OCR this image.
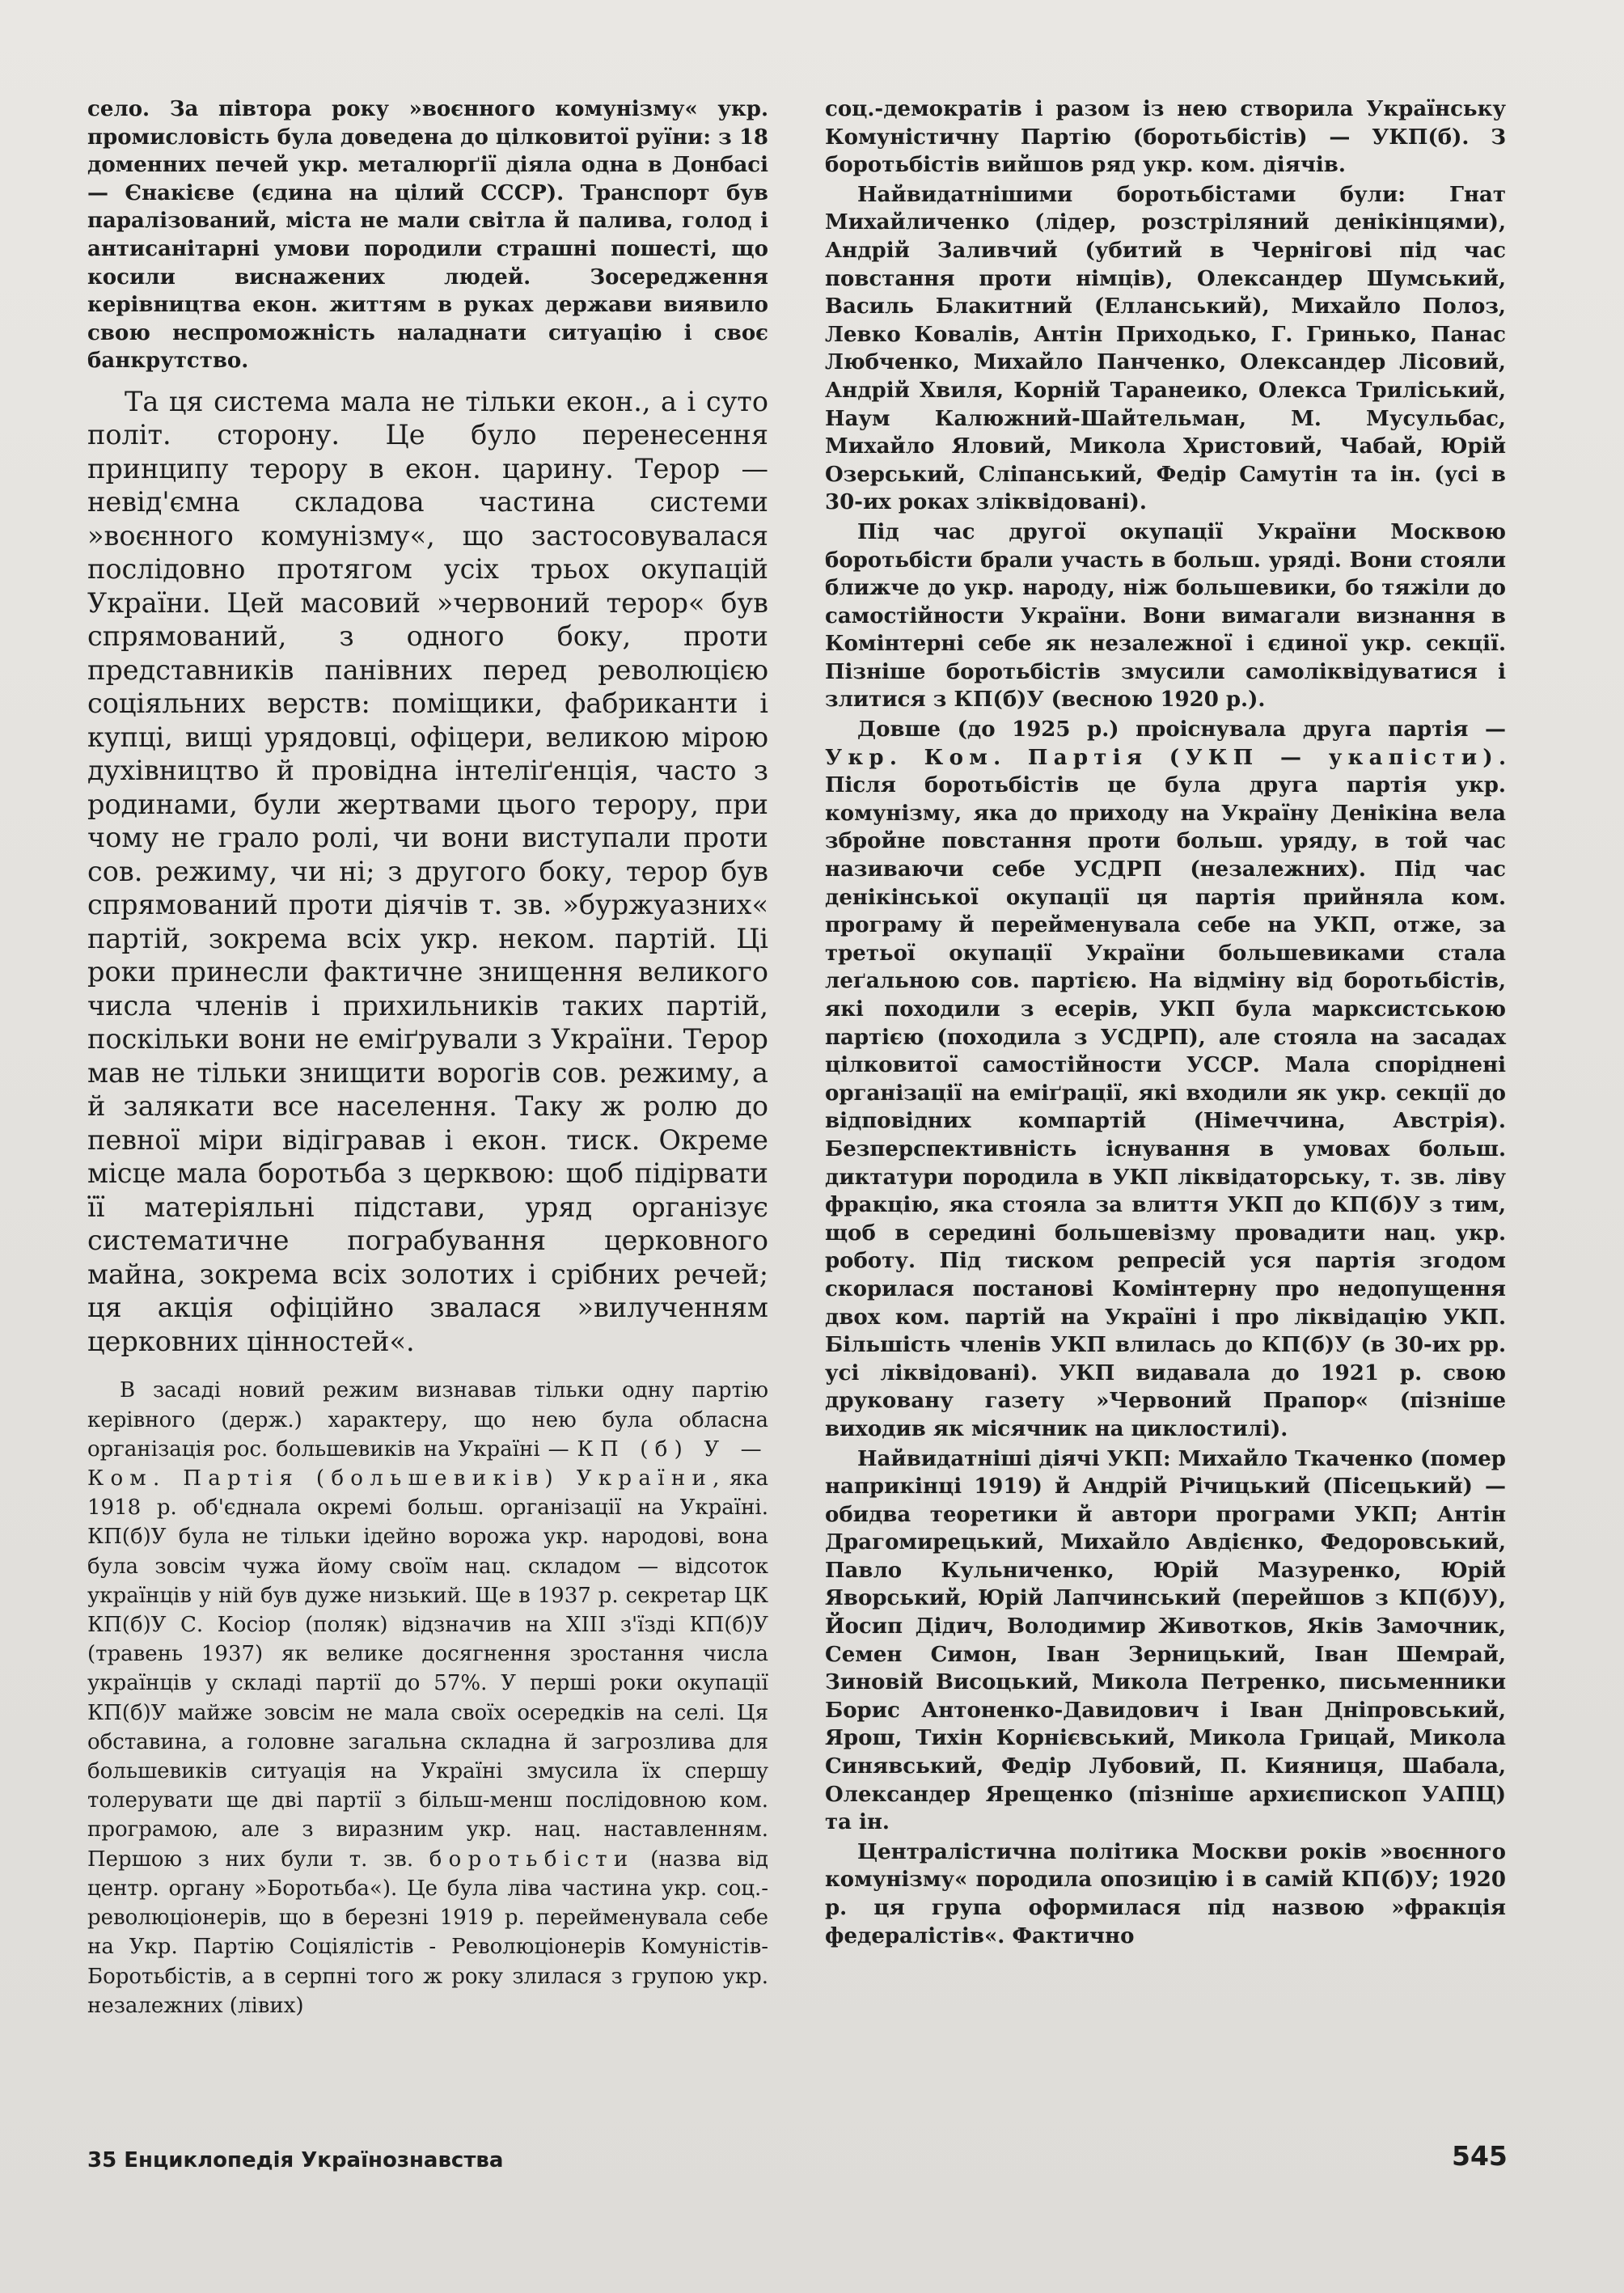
село. За півтора року »воєнного комунізму« укр. промисловість була доведена до цілковитої руїни: з 18 доменних печей укр. металюрґії діяла одна в Донбасі — Єнакієве (єдина на цілий СССР). Транспорт був паралізований, міста не мали світла й палива, голод і антисанітарні умови породили страшні пошесті, що косили виснажених людей. Зосередження керівництва екон. життям в руках держави виявило свою неспроможність наладнати ситуацію і своє банкрутство.

Та ця система мала не тільки екон., а і суто політ. сторону. Це було перенесення принципу терору в екон. царину. Терор — невід'ємна складова частина системи »воєнного комунізму«, що застосовувалася послідовно протягом усіх трьох окупацій України. Цей масовий »червоний терор« був спрямований, з одного боку, проти представників панівних перед революцією соціяльних верств: поміщики, фабриканти і купці, вищі урядовці, офіцери, великою мірою духівництво й провідна інтеліґенція, часто з родинами, були жертвами цього терору, при чому не грало ролі, чи вони виступали проти сов. режиму, чи ні; з другого боку, терор був спрямований проти діячів т. зв. »буржуазних« партій, зокрема всіх укр. неком. партій. Ці роки принесли фактичне знищення великого числа членів і прихильників таких партій, поскільки вони не еміґрували з України. Терор мав не тільки знищити ворогів сов. режиму, а й залякати все населення. Таку ж ролю до певної міри відігравав і екон. тиск. Окреме місце мала боротьба з церквою: щоб підірвати її матеріяльні підстави, уряд організує систематичне пограбування церковного майна, зокрема всіх золотих і срібних речей; ця акція офіційно звалася »вилученням церковних цінностей«.

В засаді новий режим визнавав тільки одну партію керівного (держ.) характеру, що нею була обласна організація рос. большевиків на Україні — КП (б) У — Ком. Партія (большевиків) України, яка 1918 р. об'єднала окремі больш. організації на Україні. КП(б)У була не тільки ідейно ворожа укр. народові, вона була зовсім чужа йому своїм нац. складом — відсоток українців у ній був дуже низький. Ще в 1937 р. секретар ЦК КП(б)У С. Косіор (поляк) відзначив на XIII з'їзді КП(б)У (травень 1937) як велике досягнення зростання числа українців у складі партії до 57%. У перші роки окупації КП(б)У майже зовсім не мала своїх осередків на селі. Ця обставина, а головне загальна складна й загрозлива для большевиків ситуація на Україні змусила їх спершу толерувати ще дві партії з більш-менш послідовною ком. програмою, але з виразним укр. нац. наставленням. Першою з них були т. зв. боротьбісти (назва від центр. органу »Боротьба«). Це була ліва частина укр. соц.-революціонерів, що в березні 1919 р. перейменувала себе на Укр. Партію Соціялістів - Революціонерів Комуністів-Боротьбістів, а в серпні того ж року злилася з групою укр. незалежних (лівих)

соц.-демократів і разом із нею створила Українську Комуністичну Партію (боротьбістів) — УКП(б). З боротьбістів вийшов ряд укр. ком. діячів.

Найвидатнішими боротьбістами були: Гнат Михайличенко (лідер, розстріляний денікінцями), Андрій Заливчий (убитий в Чернігові під час повстання проти німців), Олександер Шумський, Василь Блакитний (Елланський), Михайло Полоз, Левко Ковалів, Антін Приходько, Г. Гринько, Панас Любченко, Михайло Панченко, Олександер Лісовий, Андрій Хвиля, Корній Таранеико, Олекса Триліський, Наум Калюжний-Шайтельман, М. Мусульбас, Михайло Яловий, Микола Христовий, Чабай, Юрій Озерський, Сліпанський, Федір Самутін та ін. (усі в 30-их роках зліквідовані).

Під час другої окупації України Москвою боротьбісти брали участь в больш. уряді. Вони стояли ближче до укр. народу, ніж большевики, бо тяжіли до самостійности України. Вони вимагали визнання в Комінтерні себе як незалежної і єдиної укр. секції. Пізніше боротьбістів змусили самоліквідуватися і злитися з КП(б)У (весною 1920 р.).

Довше (до 1925 р.) проіснувала друга партія — Укр. Ком. Партія (УКП — укапісти). Після боротьбістів це була друга партія укр. комунізму, яка до приходу на Україну Денікіна вела збройне повстання проти больш. уряду, в той час називаючи себе УСДРП (незалежних). Під час денікінської окупації ця партія прийняла ком. програму й перейменувала себе на УКП, отже, за третьої окупації України большевиками стала леґальною сов. партією. На відміну від боротьбістів, які походили з есерів, УКП була марксистською партією (походила з УСДРП), але стояла на засадах цілковитої самостійности УССР. Мала споріднені організації на еміґрації, які входили як укр. секції до відповідних компартій (Німеччина, Австрія). Безперспективність існування в умовах больш. диктатури породила в УКП ліквідаторську, т. зв. ліву фракцію, яка стояла за влиття УКП до КП(б)У з тим, щоб в середині большевізму провадити нац. укр. роботу. Під тиском репресій уся партія згодом скорилася постанові Комінтерну про недопущення двох ком. партій на Україні і про ліквідацію УКП. Більшість членів УКП влилась до КП(б)У (в 30-их рр. усі ліквідовані). УКП видавала до 1921 р. свою друковану газету »Червоний Прапор« (пізніше виходив як місячник на циклостилі).

Найвидатніші діячі УКП: Михайло Ткаченко (помер наприкінці 1919) й Андрій Річицький (Пісецький) — обидва теоретики й автори програми УКП; Антін Драгомирецький, Михайло Авдієнко, Федоровський, Павло Кульниченко, Юрій Мазуренко, Юрій Яворський, Юрій Лапчинський (перейшов з КП(б)У), Йосип Дідич, Володимир Животков, Яків Замочник, Семен Симон, Іван Зерницький, Іван Шемрай, Зиновій Висоцький, Микола Петренко, письменники Борис Антоненко-Давидович і Іван Дніпровський, Ярош, Тихін Корнієвський, Микола Грицай, Микола Синявський, Федір Лубовий, П. Кияниця, Шабала, Олександер Ярещенко (пізніше архиєпископ УАПЦ) та ін.

Централістична політика Москви років »воєнного комунізму« породила опозицію і в самій КП(б)У; 1920 р. ця група оформилася під назвою »фракція федералістів«. Фактично

35 Енциклопедія Українознавства	545
